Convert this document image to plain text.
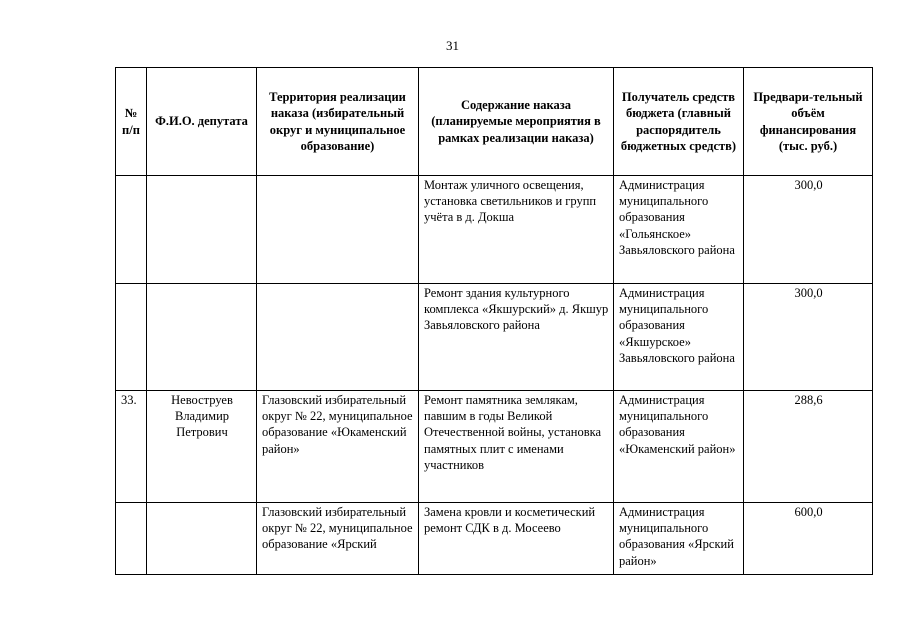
31
№ п/п	Ф.И.О. депутата	Территория реализации наказа (избирательный округ и муниципальное образование)	Содержание наказа (планируемые мероприятия в рамках реализации наказа)	Получатель средств бюджета (главный распорядитель бюджетных средств)	Предвари-тельный объём финансирования (тыс. руб.)
			Монтаж уличного освещения, установка светильников и групп учёта в д. Докша	Администрация муниципального образования «Гольянское» Завьяловского района	300,0
			Ремонт здания культурного комплекса «Якшурский» д. Якшур Завьяловского района	Администрация муниципального образования «Якшурское» Завьяловского района	300,0
33.	Невоструев Владимир Петрович	Глазовский избирательный округ № 22, муниципальное образование «Юкаменский район»	Ремонт памятника землякам, павшим в годы Великой Отечественной войны, установка памятных плит с именами участников	Администрация муниципального образования «Юкаменский район»	288,6
		Глазовский избирательный округ № 22, муниципальное образование «Ярский	Замена кровли и косметический ремонт СДК в д. Мосеево	Администрация муниципального образования «Ярский район»	600,0
